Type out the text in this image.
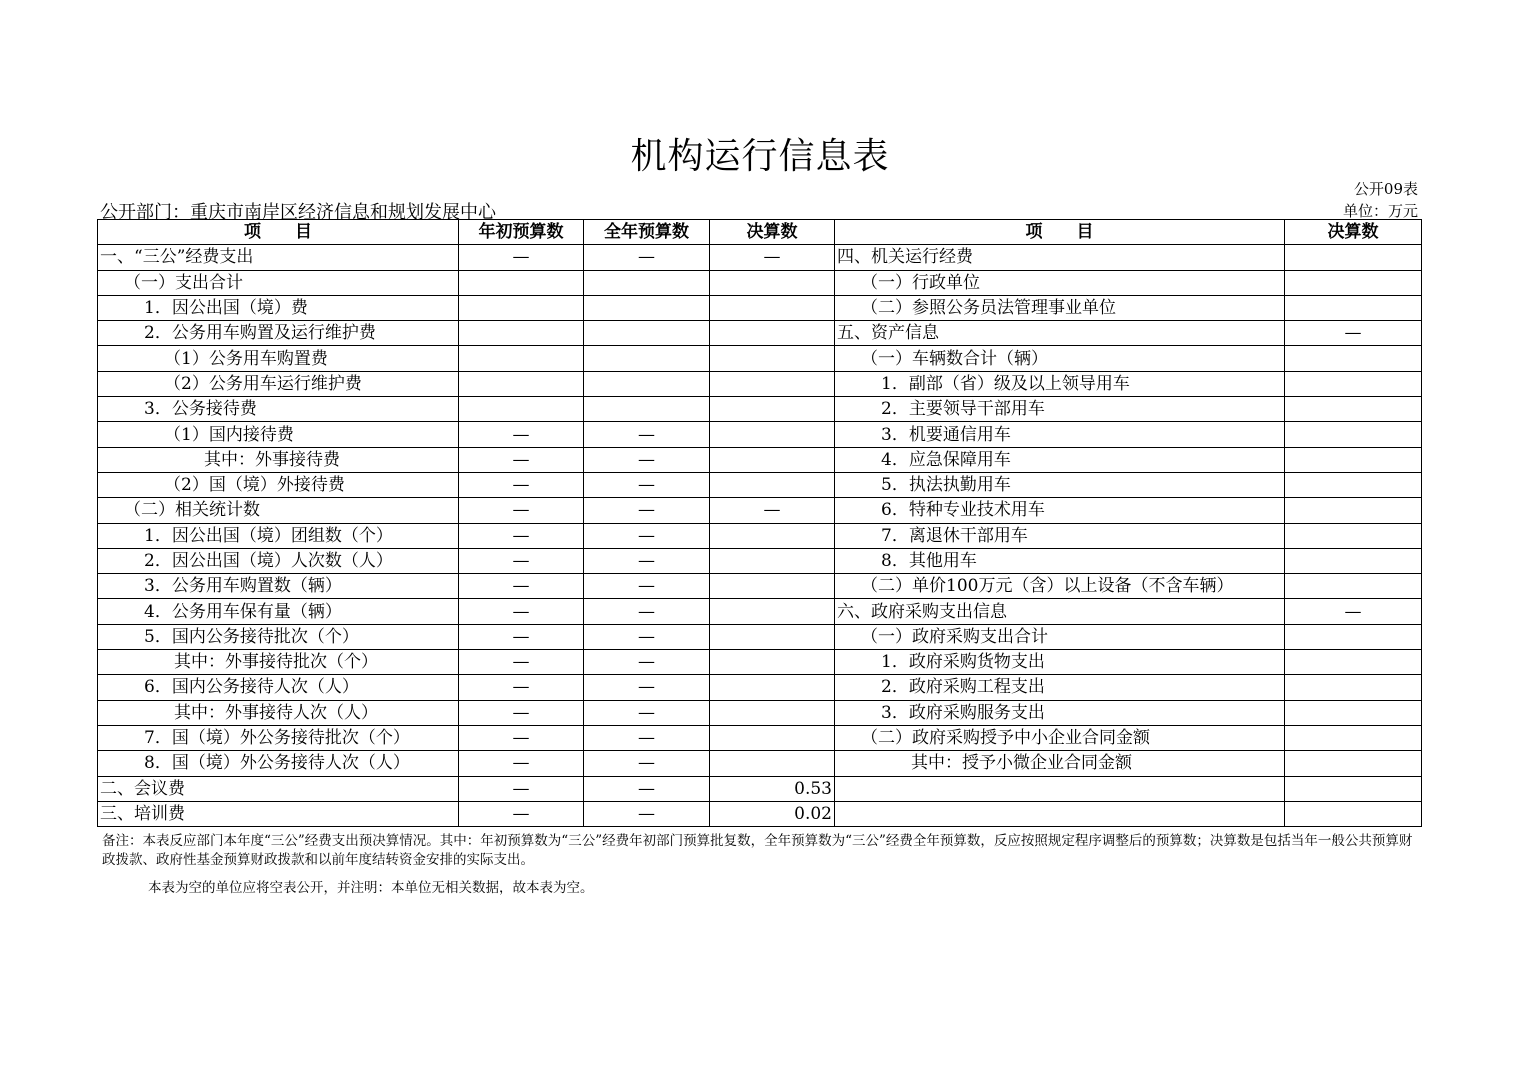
机构运行信息表
公开09表
公开部门：重庆市南岸区经济信息和规划发展中心	单位：万元
项　　目	年初预算数	全年预算数	决算数	项　　目	决算数
一、“三公”经费支出	—	—	—	四、机关运行经费	
（一）支出合计				（一）行政单位	
1．因公出国（境）费				（二）参照公务员法管理事业单位	
2．公务用车购置及运行维护费				五、资产信息	—
（1）公务用车购置费				（一）车辆数合计（辆）	
（2）公务用车运行维护费				1．副部（省）级及以上领导用车	
3．公务接待费				2．主要领导干部用车	
（1）国内接待费	—	—		3．机要通信用车	
其中：外事接待费	—	—		4．应急保障用车	
（2）国（境）外接待费	—	—		5．执法执勤用车	
（二）相关统计数	—	—	—	6．特种专业技术用车	
1．因公出国（境）团组数（个）	—	—		7．离退休干部用车	
2．因公出国（境）人次数（人）	—	—		8．其他用车	
3．公务用车购置数（辆）	—	—		（二）单价100万元（含）以上设备（不含车辆）	
4．公务用车保有量（辆）	—	—		六、政府采购支出信息	—
5．国内公务接待批次（个）	—	—		（一）政府采购支出合计	
其中：外事接待批次（个）	—	—		1．政府采购货物支出	
6．国内公务接待人次（人）	—	—		2．政府采购工程支出	
其中：外事接待人次（人）	—	—		3．政府采购服务支出	
7．国（境）外公务接待批次（个）	—	—		（二）政府采购授予中小企业合同金额	
8．国（境）外公务接待人次（人）	—	—		其中：授予小微企业合同金额	
二、会议费	—	—	0.53		
三、培训费	—	—	0.02		
备注：本表反应部门本年度“三公”经费支出预决算情况。其中：年初预算数为“三公”经费年初部门预算批复数，全年预算数为“三公”经费全年预算数，反应按照规定程序调整后的预算数；决算数是包括当年一般公共预算财政拨款、政府性基金预算财政拨款和以前年度结转资金安排的实际支出。
本表为空的单位应将空表公开，并注明：本单位无相关数据，故本表为空。
